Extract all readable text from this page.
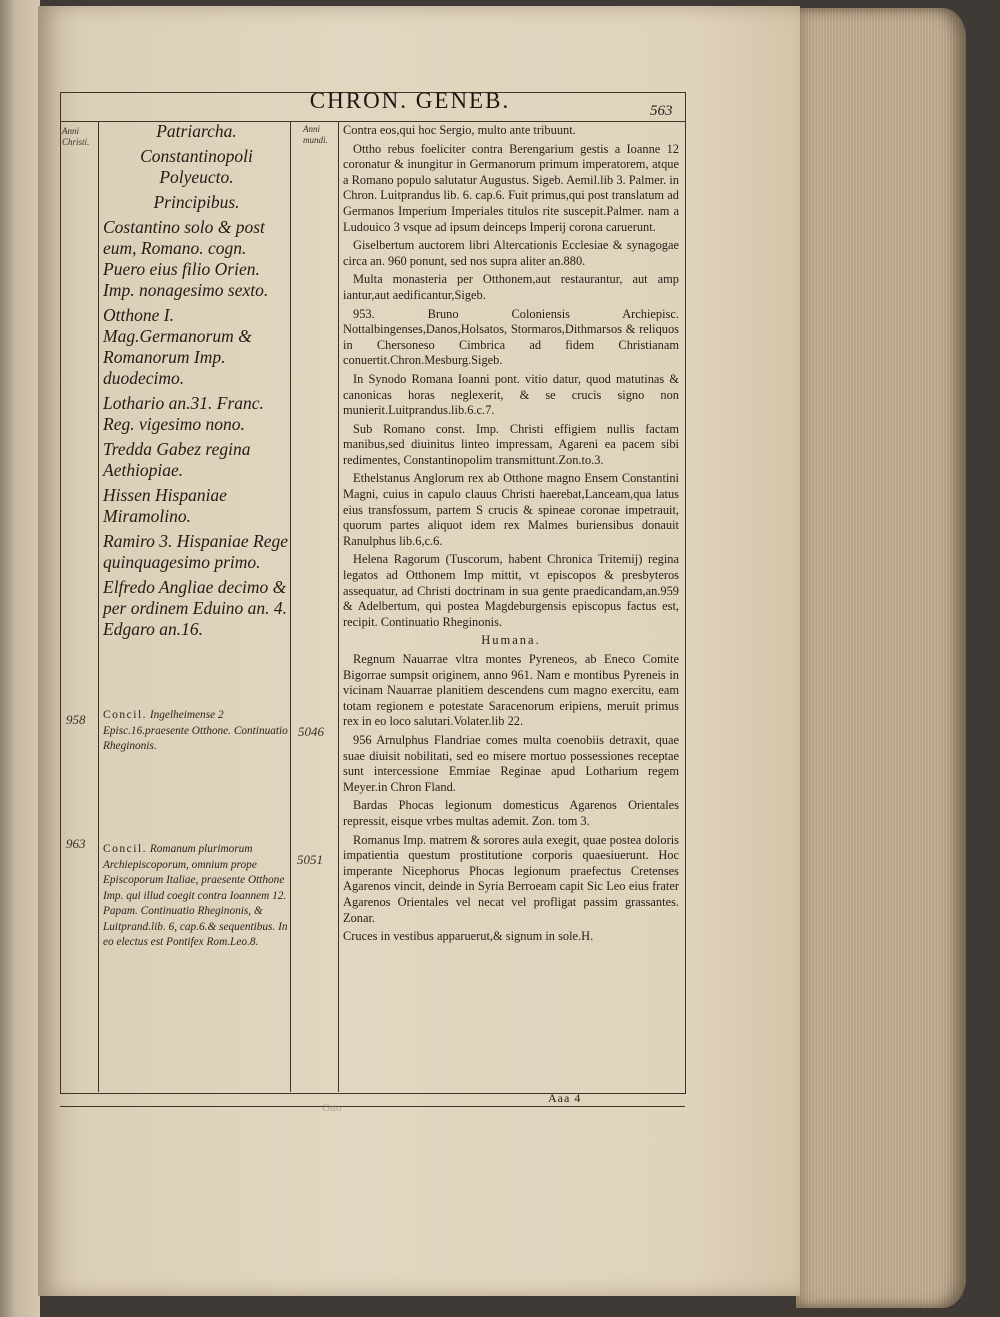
CHRON. GENEB.	563
Anni Christi.
Anni mundi.
Patriarcha.
Constantinopoli Polyeucto.
Principibus.
Costantino solo & post eum, Romano. cogn. Puero eius filio Orien. Imp. nonagesimo sexto.
Otthone I. Mag.Germanorum & Romanorum Imp. duodecimo.
Lothario an.31. Franc. Reg. vigesimo nono.
Tredda Gabez regina Aethiopiae.
Hissen Hispaniae Miramolino.
Ramiro 3. Hispaniae Rege quinquagesimo primo.
Elfredo Angliae decimo & per ordinem Eduino an. 4. Edgaro an.16.
958
5046
Concil. Ingelheimense 2 Episc.16.praesente Otthone. Continuatio Rheginonis.
963
5051
Concil. Romanum plurimorum Archiepiscoporum, omnium prope Episcoporum Italiae, praesente Otthone Imp. qui illud coegit contra Ioannem 12. Papam. Continuatio Rheginonis, & Luitprand.lib. 6, cap.6.& sequentibus. In eo electus est Pontifex Rom.Leo.8.

Contra eos,qui hoc Sergio, multo ante tribuunt.

Ottho rebus foeliciter contra Berengarium gestis a Ioanne 12 coronatur & inungitur in Germanorum primum imperatorem, atque a Romano populo salutatur Augustus. Sigeb. Aemil.lib 3. Palmer. in Chron. Luitprandus lib. 6. cap.6. Fuit primus,qui post translatum ad Germanos Imperium Imperiales titulos rite suscepit.Palmer. nam a Ludouico 3 vsque ad ipsum deinceps Imperij corona caruerunt.

Giselbertum auctorem libri Altercationis Ecclesiae & synagogae circa an. 960 ponunt, sed nos supra aliter an.880.

Multa monasteria per Otthonem,aut restaurantur, aut amp iantur,aut aedificantur,Sigeb.

953. Bruno Coloniensis Archiepisc. Nottalbingenses,Danos,Holsatos, Stormaros,Dithmarsos & reliquos in Chersoneso Cimbrica ad fidem Christianam conuertit.Chron.Mesburg.Sigeb.

In Synodo Romana Ioanni pont. vitio datur, quod matutinas & canonicas horas neglexerit, & se crucis signo non munierit.Luitprandus.lib.6.c.7.

Sub Romano const. Imp. Christi effigiem nullis factam manibus,sed diuinitus linteo impressam, Agareni ea pacem sibi redimentes, Constantinopolim transmittunt.Zon.to.3.

Ethelstanus Anglorum rex ab Otthone magno Ensem Constantini Magni, cuius in capulo clauus Christi haerebat,Lanceam,qua latus eius transfossum, partem S crucis & spineae coronae impetrauit, quorum partes aliquot idem rex Malmes buriensibus donauit Ranulphus lib.6,c.6.

Helena Ragorum (Tuscorum, habent Chronica Tritemij) regina legatos ad Otthonem Imp mittit, vt episcopos & presbyteros assequatur, ad Christi doctrinam in sua gente praedicandam,an.959 & Adelbertum, qui postea Magdeburgensis episcopus factus est, recipit. Continuatio Rheginonis.

Humana.

Regnum Nauarrae vltra montes Pyreneos, ab Eneco Comite Bigorrae sumpsit originem, anno 961. Nam e montibus Pyreneis in vicinam Nauarrae planitiem descendens cum magno exercitu, eam totam regionem e potestate Saracenorum eripiens, meruit primus rex in eo loco salutari.Volater.lib 22.

956 Arnulphus Flandriae comes multa coenobiis detraxit, quae suae diuisit nobilitati, sed eo misere mortuo possessiones receptae sunt intercessione Emmiae Reginae apud Lotharium regem Meyer.in Chron Fland.

Bardas Phocas legionum domesticus Agarenos Orientales repressit, eisque vrbes multas ademit. Zon. tom 3.

Romanus Imp. matrem & sorores aula exegit, quae postea doloris impatientia questum prostitutione corporis quaesiuerunt. Hoc imperante Nicephorus Phocas legionum praefectus Cretenses Agarenos vincit, deinde in Syria Berroeam capit Sic Leo eius frater Agarenos Orientales vel necat vel profligat passim grassantes. Zonar.

Cruces in vestibus apparuerut,& signum in sole.H.

Aaa 4
Otto
